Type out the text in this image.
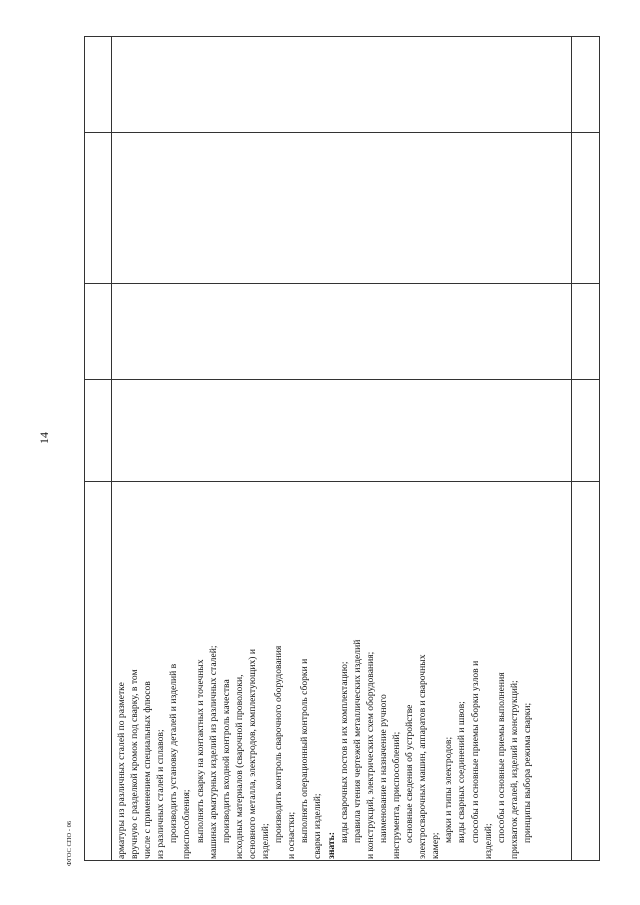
14

арматуры из различных сталей по разметке вручную с разделкой кромок под сварку, в том числе с применением специальных флюсов из различных сталей и сплавов; производить установку деталей и изделий в приспособления; выполнять сварку на контактных и точечных машинах арматурных изделий из различных сталей; производить входной контроль качества исходных материалов (сварочной проволоки, основного металла, электродов, комплектующих) и изделий; производить контроль сварочного оборудования и оснастки; выполнять операционный контроль сборки и сварки изделий; знать:

виды сварочных постов и их комплектацию; правила чтения чертежей металлических изделий и конструкций, электрических схем оборудования; наименование и назначение ручного инструмента, приспособлений; основные сведения об устройстве электросварочных машин, аппаратов и сварочных камер;

марки и типы электродов; виды сварных соединений и швов; способы и основные приемы сборки узлов и изделий; способы и основные приемы выполнения прихваток деталей, изделий и конструкций; принципы выбора режима сварки;

ФГОС СПО - 06
